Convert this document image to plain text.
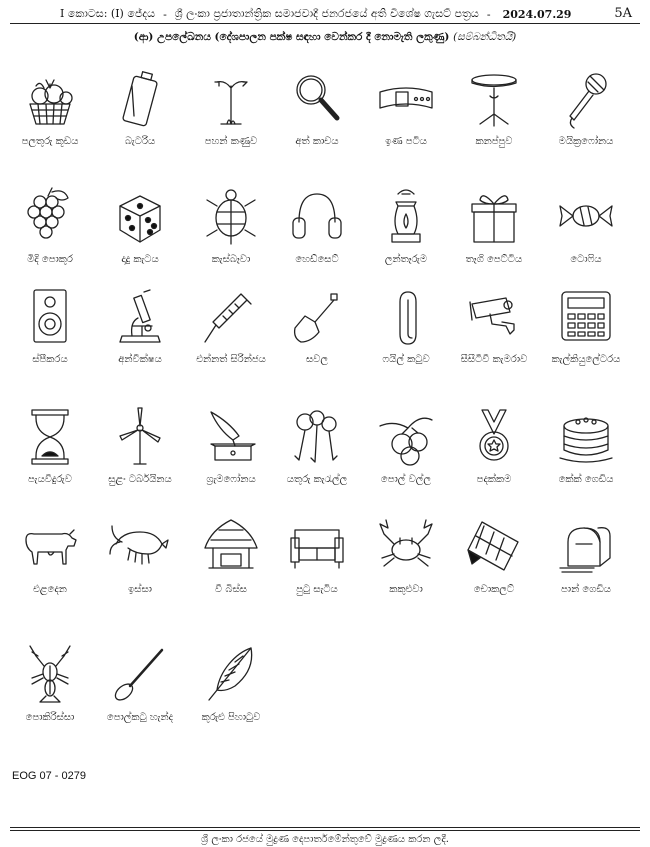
I කොටස: (I) ජේදය - ශ්‍රී ලංකා ප්‍රජාතාන්ත්‍රික සමාජවාදී ජනරජයේ අති විශේෂ ගැසට් පත්‍රය - 2024.07.29	5A
(ආ) උපලේඛනය (දේශපාලන පක්ෂ සඳහා වෙන්කර දී නොමැති ලකුණු) (සම්බන්ධිතයි)
පලතුරු කූඩය	බැටරිය	පහන් කණුව	අත් කාචය	ඉණ පටිය	කනප්පුව	මයික්‍රෆෝනය
මිදි පොකුර	දාදු කැටය	කැස්බෑවා	හෙඩ්සෙට්	ලන්තෑරුම	තෑගි පෙට්ටිය	ටොෆිය
ස්පීකරය	අන්වීක්ෂය	එන්නත් සිරින්ජය	සවල	ෆයිල් කටුව	සීසීටීවී කැමරාව	කැල්කියුලේටරය
පැයවීදුරුව	සුළං ටර්බයිනය	ග්‍රැමෆෝනය	යතුරු කැරැල්ල	පොල් වල්ල	පදක්කම	කේක් ගෙඩිය
එළදෙන	ඉස්සා	වී බිස්ස	පුටු සැටිය	කකුළුවා	චොකලට්	පාන් ගෙඩිය
පොකිරිස්සා	පොල්කටු හැන්ද	කුරුළු පිහාටුව
EOG 07 - 0279
ශ්‍රී ලංකා රජයේ මුද්‍රණ දෙපාර්තමේන්තුවේ මුද්‍රණය කරන ලදී.
